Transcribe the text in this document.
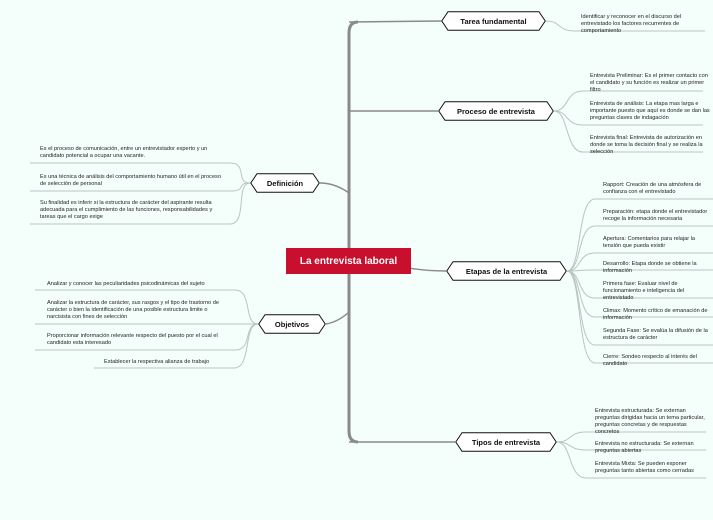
La entrevista laboral
Tarea fundamental
Proceso de entrevista
Definición
Etapas de la entrevista
Objetivos
Tipos de entrevista
Identificar y reconocer en el discurso del entrevistado los factores recurrentes de comportamiento
Entrevista Preliminar: Es el primer contacto con el candidato y su función es realizar un primer filtro
Entrevista de análisis: La etapa mas larga e importante puesto que aquí es donde se dan las preguntas claves de indagación
Entrevista final: Entrevista de autorización en donde se toma la decisión final y se realiza la selección
Es el proceso de comunicación, entre un entrevistador experto y un candidato potencial a ocupar una vacante.
Es una técnica de análisis del comportamiento humano útil en el proceso de selección de personal
Su finalidad es inferir si la estructura de carácter del aspirante resulta adecuada para el cumplimiento de las funciones, responsabilidades y tareas que el cargo exige
Rapport: Creación de una atmósfera de confianza con el entrevistado
Preparación: etapa donde el entrevistador recoge la información necesaria
Apertura: Comentarios para relajar la tensión que pueda existir
Desarrollo: Etapa donde se obtiene la información
Primera fase: Evaluar nivel de funcionamiento e inteligencia del entrevistado
Climax: Momento crítico de emanación de información
Segunda Fase: Se evalúa la difusión de la estructura de carácter
Cierre: Sondeo respecto al interés del candidato
Analizar y conocer las peculiaridades psicodinámicas del sujeto
Analizar la estructura de carácter, sus rasgos y el tipo de trastorno de carácter o bien la identificación de una posible estructura limite o narcisista con fines de selección
Proporcionar información relevante respecto del puesto por el cual el candidato esta interesado
Establecer la respectiva alianza de trabajo
Entrevista estructurada: Se externan preguntas dirigidas hacia un tema particular, preguntas concretas y de respuestas concretos
Entrevista no estructurada: Se externan preguntas abiertas
Entrevista Mixta: Se pueden exponer preguntas tanto abiertas como cerradas
